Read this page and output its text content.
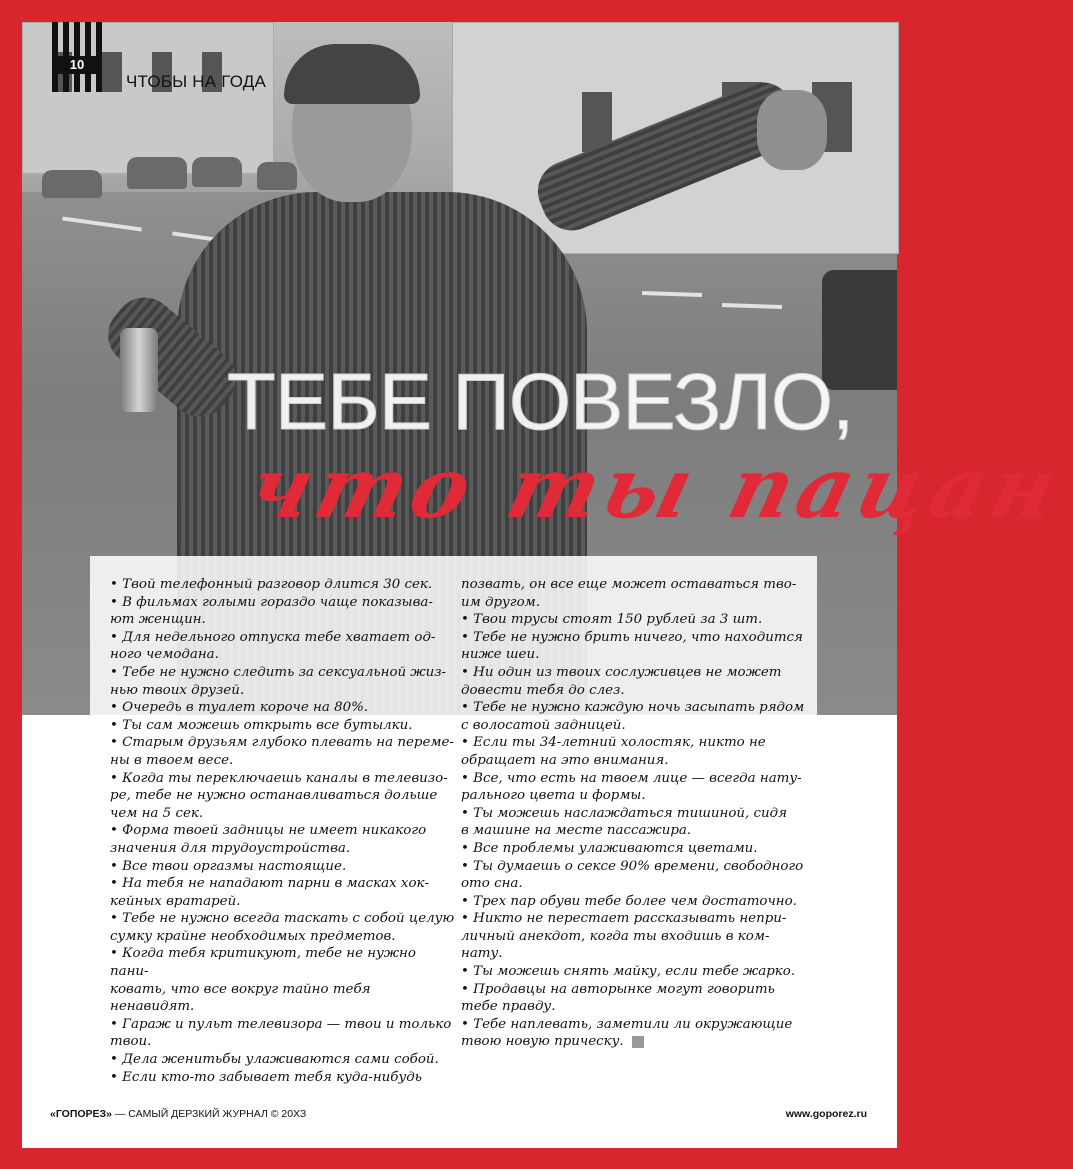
10
ЧТОБЫ НА ГОДА
ТЕБЕ ПОВЕЗЛО,
что ты пацан
• Твой телефонный разговор длится 30 сек.
• В фильмах голыми гораздо чаще показыва-
ют женщин.
• Для недельного отпуска тебе хватает од-
ного чемодана.
• Тебе не нужно следить за сексуальной жиз-
нью твоих друзей.
• Очередь в туалет короче на 80%.
• Ты сам можешь открыть все бутылки.
• Старым друзьям глубоко плевать на переме-
ны в твоем весе.
• Когда ты переключаешь каналы в телевизо-
ре, тебе не нужно останавливаться дольше
чем на 5 сек.
• Форма твоей задницы не имеет никакого
значения для трудоустройства.
• Все твои оргазмы настоящие.
• На тебя не нападают парни в масках хок-
кейных вратарей.
• Тебе не нужно всегда таскать с собой целую
сумку крайне необходимых предметов.
• Когда тебя критикуют, тебе не нужно пани-
ковать, что все вокруг тайно тебя ненавидят.
• Гараж и пульт телевизора — твои и только
твои.
• Дела женитьбы улаживаются сами собой.
• Если кто-то забывает тебя куда-нибудь
позвать, он все еще может оставаться тво-
им другом.
• Твои трусы стоят 150 рублей за 3 шт.
• Тебе не нужно брить ничего, что находится
ниже шеи.
• Ни один из твоих сослуживцев не может
довести тебя до слез.
• Тебе не нужно каждую ночь засыпать рядом
с волосатой задницей.
• Если ты 34-летний холостяк, никто не
обращает на это внимания.
• Все, что есть на твоем лице — всегда нату-
рального цвета и формы.
• Ты можешь наслаждаться тишиной, сидя
в машине на месте пассажира.
• Все проблемы улаживаются цветами.
• Ты думаешь о сексе 90% времени, свободного
ото сна.
• Трех пар обуви тебе более чем достаточно.
• Никто не перестает рассказывать непри-
личный анекдот, когда ты входишь в ком-
нату.
• Ты можешь снять майку, если тебе жарко.
• Продавцы на авторынке могут говорить
тебе правду.
• Тебе наплевать, заметили ли окружающие
твою новую прическу.
«ГОПОРЕЗ» — САМЫЙ ДЕРЗКИЙ ЖУРНАЛ © 20ХЗ	www.goporez.ru
